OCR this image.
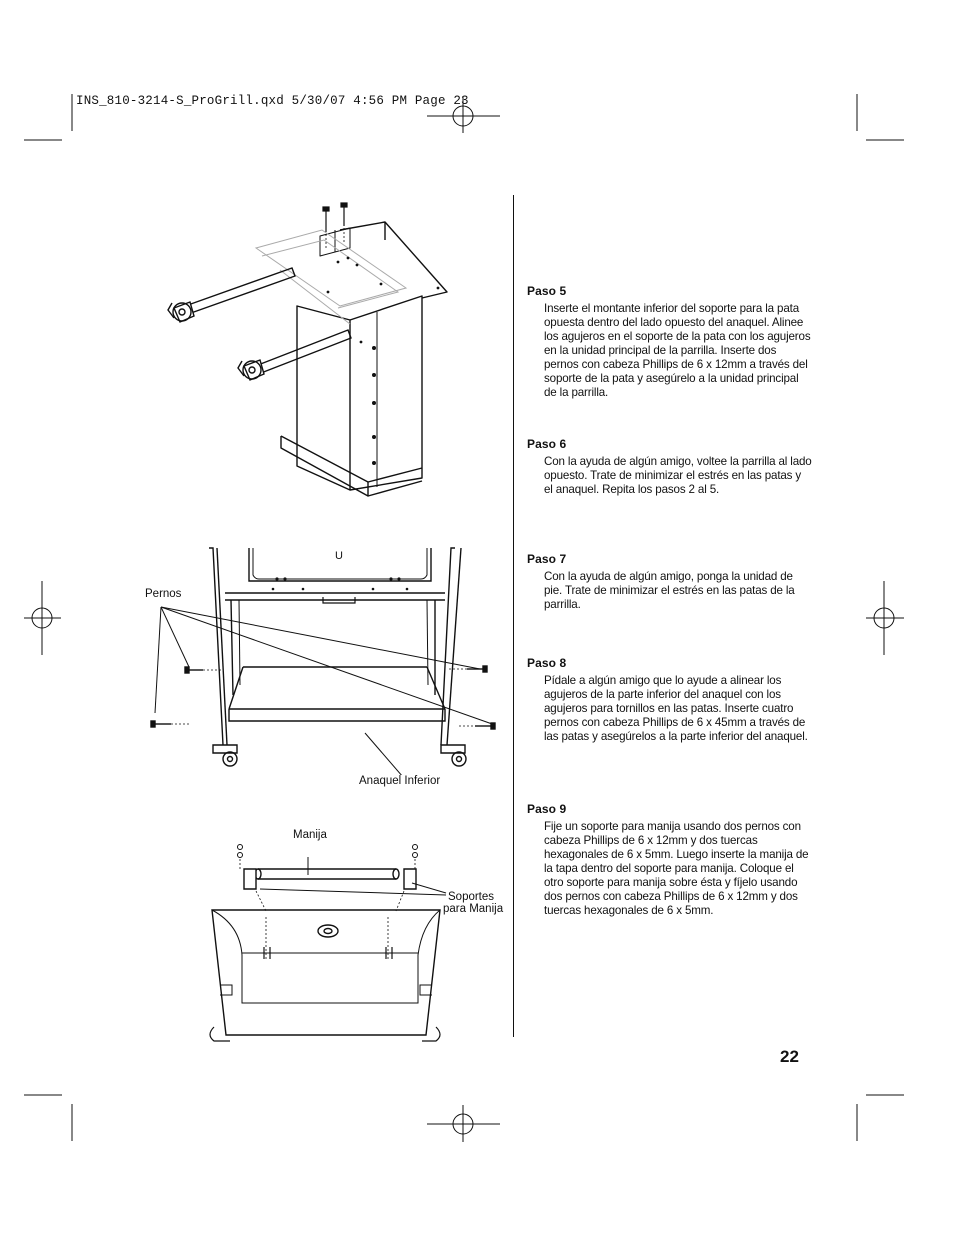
INS_810-3214-S_ProGrill.qxd 5/30/07 4:56 PM Page 23
U
Pernos
Anaquel Inferior
Manija
Soportes
para Manija
Paso 5
Inserte el montante inferior del soporte para la pata opuesta dentro del lado opuesto del anaquel. Alinee los agujeros en el soporte de la pata con los agujeros en la unidad principal de la parrilla. Inserte dos pernos con cabeza Phillips de 6 x 12mm a través del soporte de la pata y asegúrelo a la unidad principal de la parrilla.
Paso 6
Con la ayuda de algún amigo, voltee la parrilla al lado opuesto. Trate de minimizar el estrés en las patas y el anaquel. Repita los pasos 2 al 5.
Paso 7
Con la ayuda de algún amigo, ponga la unidad de pie. Trate de minimizar el estrés en las patas de la parrilla.
Paso 8
Pídale a algún amigo que lo ayude a alinear los agujeros de la parte inferior del anaquel con los agujeros para tornillos en las patas. Inserte cuatro pernos con cabeza Phillips de 6 x 45mm a través de las patas y asegúrelos a la parte inferior del anaquel.
Paso 9
Fije un soporte para manija usando dos pernos con cabeza Phillips de 6 x 12mm y dos tuercas hexagonales de 6 x 5mm. Luego inserte la manija de la tapa dentro del soporte para manija. Coloque el otro soporte para manija sobre ésta y fíjelo usando dos pernos con cabeza Phillips de 6 x 12mm y dos tuercas hexagonales de 6 x 5mm.
22
